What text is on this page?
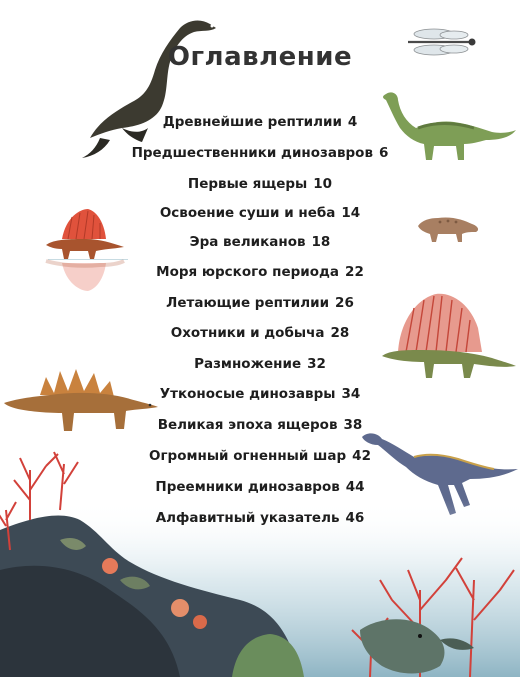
Оглавление
Древнейшие рептилии 4
Предшественники динозавров 6
Первые ящеры 10
Освоение суши и неба 14
Эра великанов 18
Моря юрского периода 22
Летающие рептилии 26
Охотники и добыча 28
Размножение 32
Утконосые динозавры 34
Великая эпоха ящеров 38
Огромный огненный шар 42
Преемники динозавров 44
Алфавитный указатель 46
